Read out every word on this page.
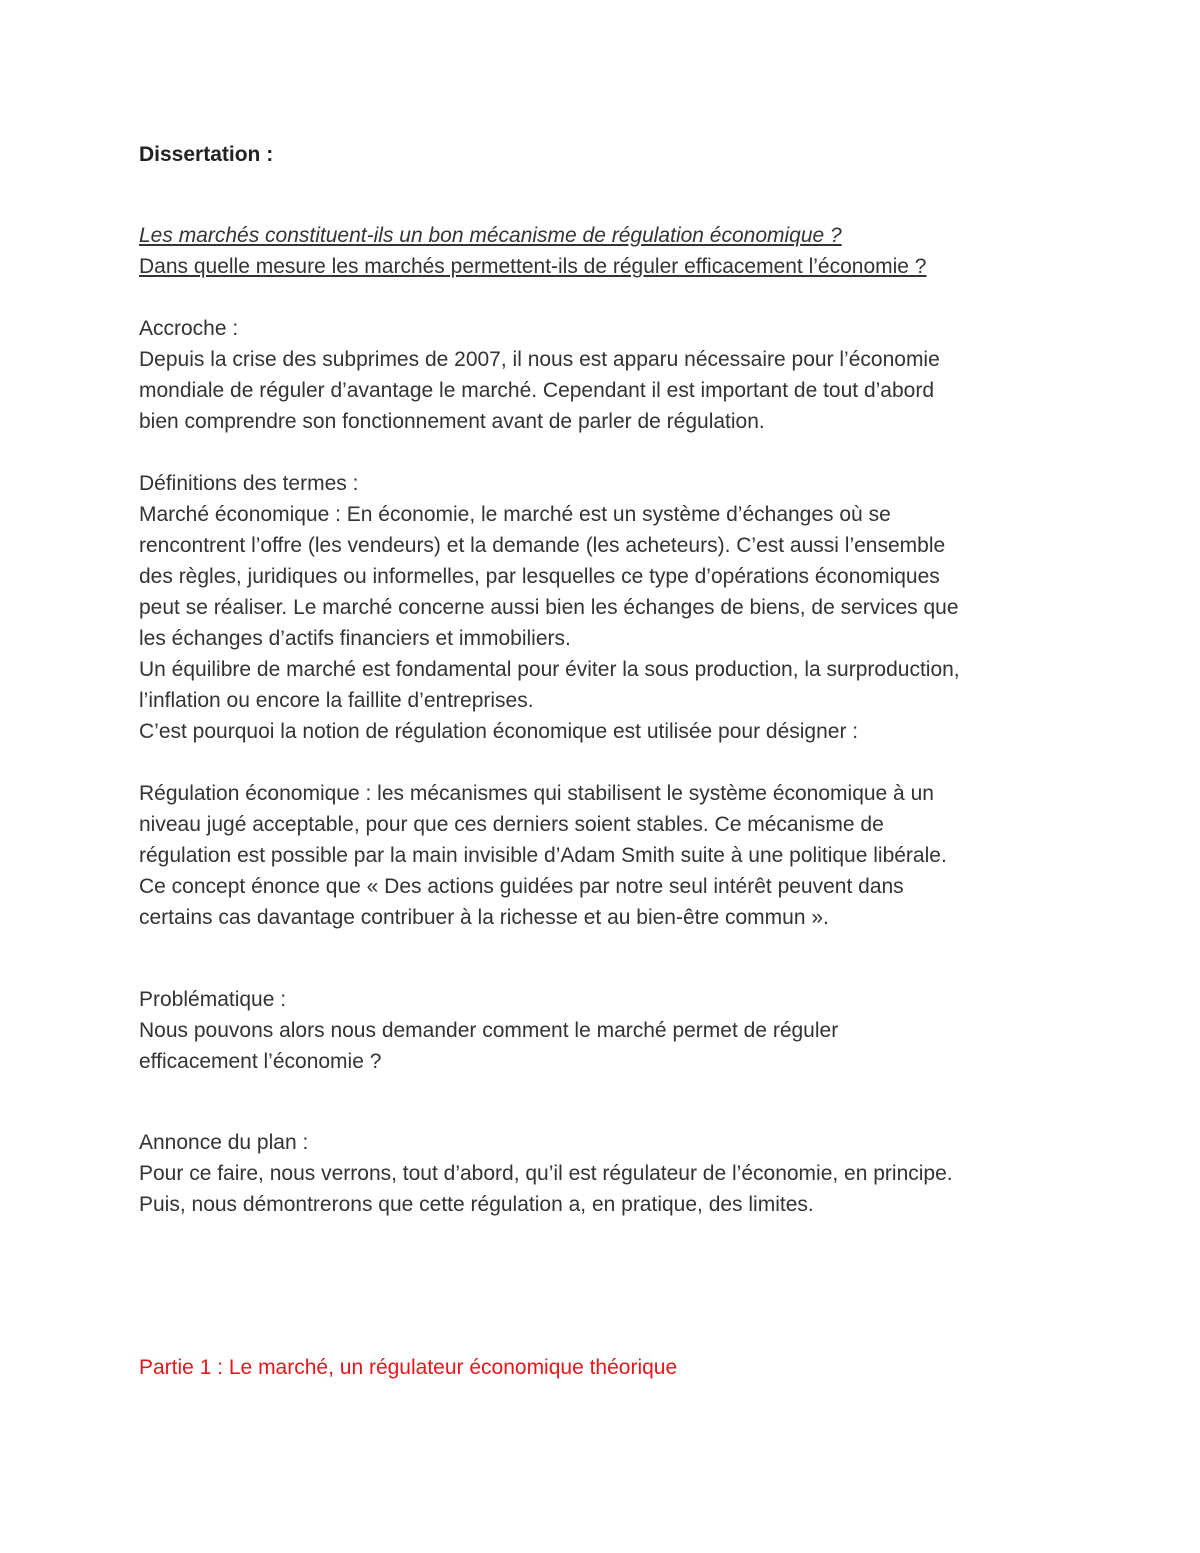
Dissertation :

Les marchés constituent-ils un bon mécanisme de régulation économique ?

Dans quelle mesure les marchés permettent-ils de réguler efficacement l’économie ?

Accroche :

Depuis la crise des subprimes de 2007, il nous est apparu nécessaire pour l’économie

mondiale de réguler d’avantage le marché. Cependant il est important de tout d’abord

bien comprendre son fonctionnement avant de parler de régulation.

Définitions des termes :

Marché économique : En économie, le marché est un système d’échanges où se

rencontrent l’offre (les vendeurs) et la demande (les acheteurs). C’est aussi l’ensemble

des règles, juridiques ou informelles, par lesquelles ce type d’opérations économiques

peut se réaliser. Le marché concerne aussi bien les échanges de biens, de services que

les échanges d’actifs financiers et immobiliers.

Un équilibre de marché est fondamental pour éviter la sous production, la surproduction,

l’inflation ou encore la faillite d’entreprises.

C’est pourquoi la notion de régulation économique est utilisée pour désigner :

Régulation économique : les mécanismes qui stabilisent le système économique à un

niveau jugé acceptable, pour que ces derniers soient stables. Ce mécanisme de

régulation est possible par la main invisible d’Adam Smith suite à une politique libérale.

Ce concept énonce que « Des actions guidées par notre seul intérêt peuvent dans

certains cas davantage contribuer à la richesse et au bien-être commun ».

Problématique :

Nous pouvons alors nous demander comment le marché permet de réguler

efficacement l’économie ?

Annonce du plan :

Pour ce faire, nous verrons, tout d’abord, qu’il est régulateur de l’économie, en principe.

Puis, nous démontrerons que cette régulation a, en pratique, des limites.

Partie 1 : Le marché, un régulateur économique théorique
